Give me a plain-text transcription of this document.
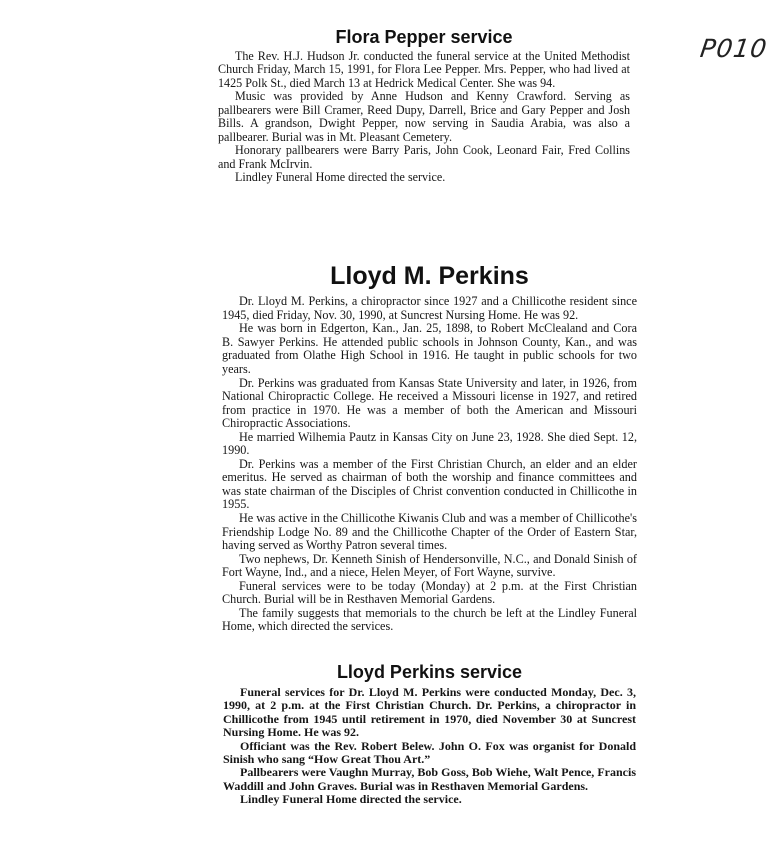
P010
Flora Pepper service

The Rev. H.J. Hudson Jr. conducted the funeral service at the United Methodist Church Friday, March 15, 1991, for Flora Lee Pepper. Mrs. Pepper, who had lived at 1425 Polk St., died March 13 at Hedrick Medical Center. She was 94.

Music was provided by Anne Hudson and Kenny Crawford. Serving as pallbearers were Bill Cramer, Reed Dupy, Darrell, Brice and Gary Pepper and Josh Bills. A grandson, Dwight Pepper, now serving in Saudia Arabia, was also a pallbearer. Burial was in Mt. Pleasant Cemetery.

Honorary pallbearers were Barry Paris, John Cook, Leonard Fair, Fred Collins and Frank McIrvin.

Lindley Funeral Home directed the service.

Lloyd M. Perkins

Dr. Lloyd M. Perkins, a chiropractor since 1927 and a Chillicothe resident since 1945, died Friday, Nov. 30, 1990, at Suncrest Nursing Home. He was 92.

He was born in Edgerton, Kan., Jan. 25, 1898, to Robert McClealand and Cora B. Sawyer Perkins. He attended public schools in Johnson County, Kan., and was graduated from Olathe High School in 1916. He taught in public schools for two years.

Dr. Perkins was graduated from Kansas State University and later, in 1926, from National Chiropractic College. He received a Missouri license in 1927, and retired from practice in 1970. He was a member of both the American and Missouri Chiropractic Associations.

He married Wilhemia Pautz in Kansas City on June 23, 1928. She died Sept. 12, 1990.

Dr. Perkins was a member of the First Christian Church, an elder and an elder emeritus. He served as chairman of both the worship and finance committees and was state chairman of the Disciples of Christ convention conducted in Chillicothe in 1955.

He was active in the Chillicothe Kiwanis Club and was a member of Chillicothe's Friendship Lodge No. 89 and the Chillicothe Chapter of the Order of Eastern Star, having served as Worthy Patron several times.

Two nephews, Dr. Kenneth Sinish of Hendersonville, N.C., and Donald Sinish of Fort Wayne, Ind., and a niece, Helen Meyer, of Fort Wayne, survive.

Funeral services were to be today (Monday) at 2 p.m. at the First Christian Church. Burial will be in Resthaven Memorial Gardens.

The family suggests that memorials to the church be left at the Lindley Funeral Home, which directed the services.

Lloyd Perkins service

Funeral services for Dr. Lloyd M. Perkins were conducted Monday, Dec. 3, 1990, at 2 p.m. at the First Christian Church. Dr. Perkins, a chiropractor in Chillicothe from 1945 until retirement in 1970, died November 30 at Suncrest Nursing Home. He was 92.

Officiant was the Rev. Robert Belew. John O. Fox was organist for Donald Sinish who sang “How Great Thou Art.”

Pallbearers were Vaughn Murray, Bob Goss, Bob Wiehe, Walt Pence, Francis Waddill and John Graves. Burial was in Resthaven Memorial Gardens.

Lindley Funeral Home directed the service.
